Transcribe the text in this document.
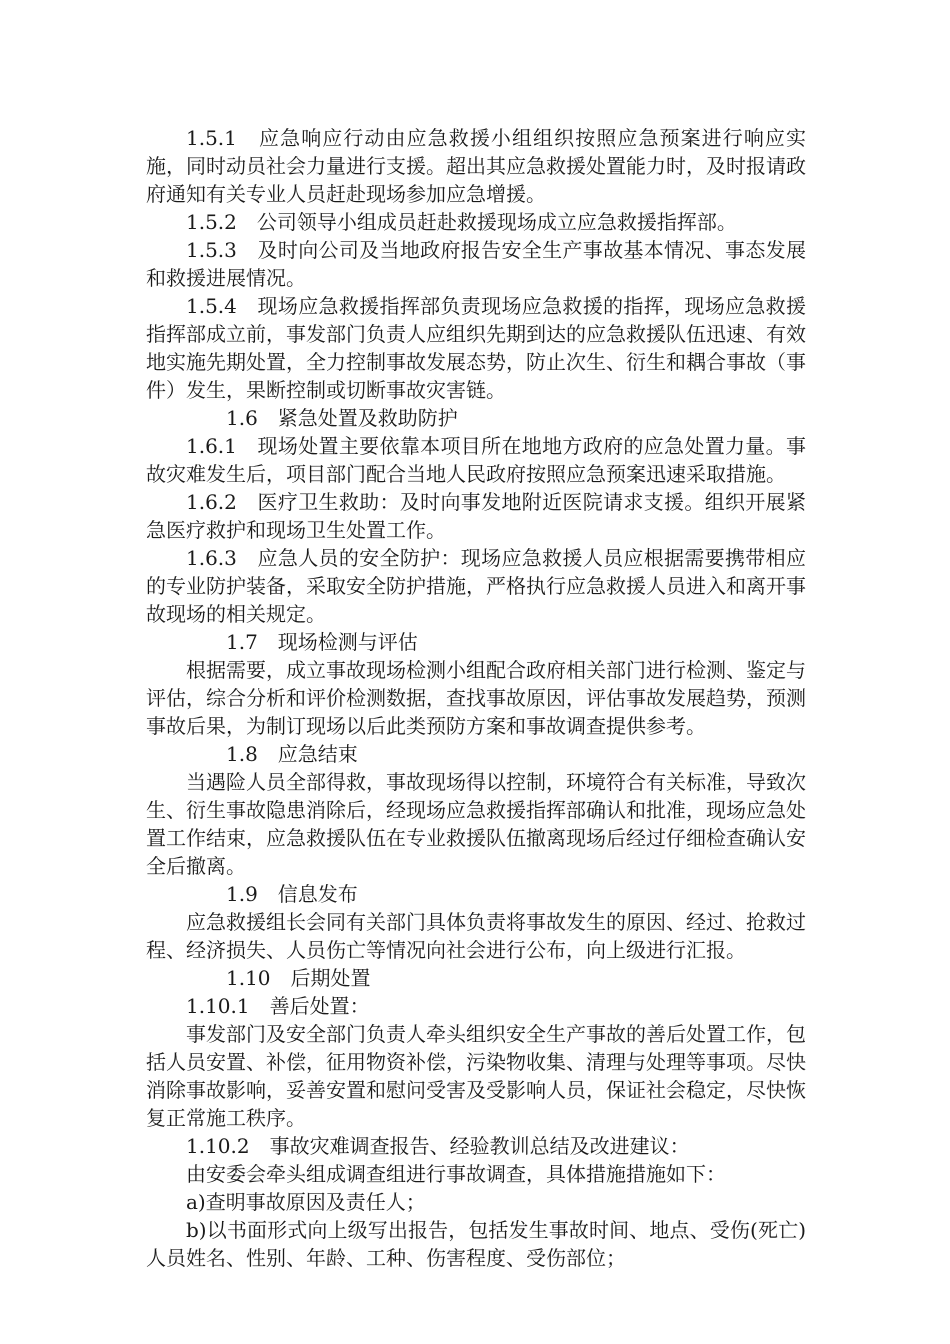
1.5.1　应急响应行动由应急救援小组组织按照应急预案进行响应实施，同时动员社会力量进行支援。超出其应急救援处置能力时，及时报请政府通知有关专业人员赶赴现场参加应急增援。

1.5.2　公司领导小组成员赶赴救援现场成立应急救援指挥部。

1.5.3　及时向公司及当地政府报告安全生产事故基本情况、事态发展和救援进展情况。

1.5.4　现场应急救援指挥部负责现场应急救援的指挥，现场应急救援指挥部成立前，事发部门负责人应组织先期到达的应急救援队伍迅速、有效地实施先期处置，全力控制事故发展态势，防止次生、衍生和耦合事故（事件）发生，果断控制或切断事故灾害链。

1.6　紧急处置及救助防护

1.6.1　现场处置主要依靠本项目所在地地方政府的应急处置力量。事故灾难发生后，项目部门配合当地人民政府按照应急预案迅速采取措施。

1.6.2　医疗卫生救助：及时向事发地附近医院请求支援。组织开展紧急医疗救护和现场卫生处置工作。

1.6.3　应急人员的安全防护：现场应急救援人员应根据需要携带相应的专业防护装备，采取安全防护措施，严格执行应急救援人员进入和离开事故现场的相关规定。

1.7　现场检测与评估

根据需要，成立事故现场检测小组配合政府相关部门进行检测、鉴定与评估，综合分析和评价检测数据，查找事故原因，评估事故发展趋势，预测事故后果，为制订现场以后此类预防方案和事故调查提供参考。

1.8　应急结束

当遇险人员全部得救，事故现场得以控制，环境符合有关标准，导致次生、衍生事故隐患消除后，经现场应急救援指挥部确认和批准，现场应急处置工作结束，应急救援队伍在专业救援队伍撤离现场后经过仔细检查确认安全后撤离。

1.9　信息发布

应急救援组长会同有关部门具体负责将事故发生的原因、经过、抢救过程、经济损失、人员伤亡等情况向社会进行公布，向上级进行汇报。

1.10　后期处置

1.10.1　善后处置：

事发部门及安全部门负责人牵头组织安全生产事故的善后处置工作，包括人员安置、补偿，征用物资补偿，污染物收集、清理与处理等事项。尽快消除事故影响，妥善安置和慰问受害及受影响人员，保证社会稳定，尽快恢复正常施工秩序。

1.10.2　事故灾难调查报告、经验教训总结及改进建议：

由安委会牵头组成调查组进行事故调查，具体措施措施如下：

a)查明事故原因及责任人；

b)以书面形式向上级写出报告，包括发生事故时间、地点、受伤(死亡)人员姓名、性别、年龄、工种、伤害程度、受伤部位；
